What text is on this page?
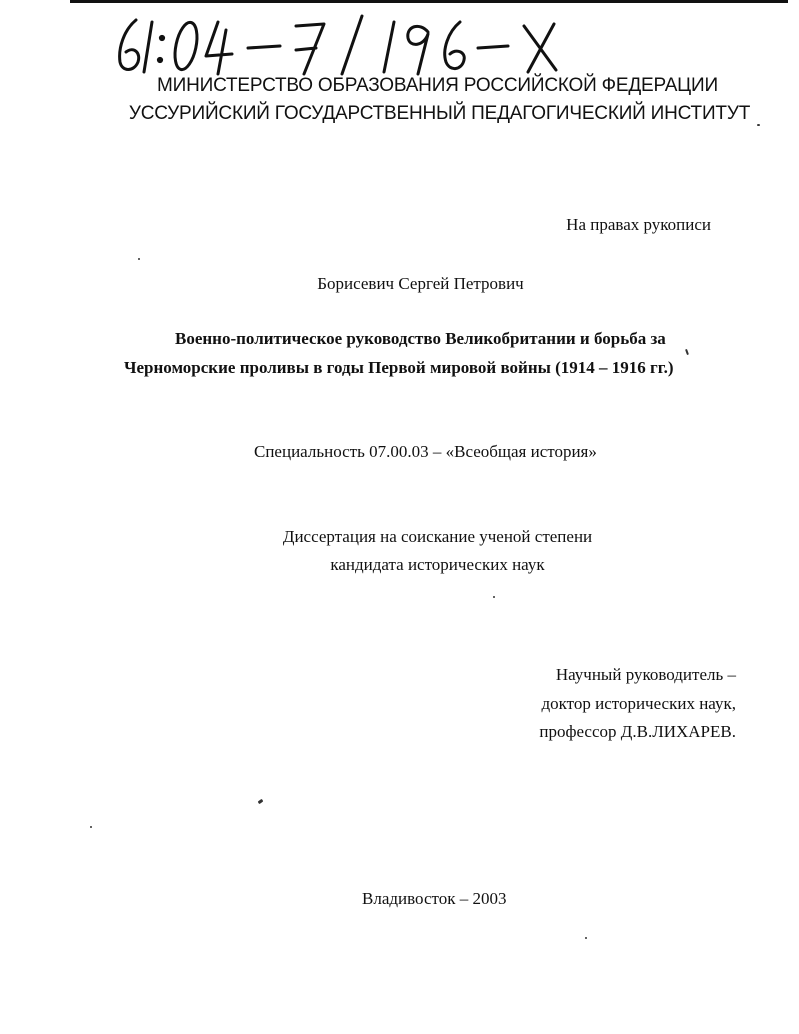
МИНИСТЕРСТВО ОБРАЗОВАНИЯ РОССИЙСКОЙ ФЕДЕРАЦИИ
УССУРИЙСКИЙ ГОСУДАРСТВЕННЫЙ ПЕДАГОГИЧЕСКИЙ ИНСТИТУТ
На правах рукописи
Борисевич Сергей Петрович
Военно-политическое руководство Великобритании и борьба за
Черноморские проливы в годы Первой мировой войны (1914 – 1916 гг.)
Специальность 07.00.03 – «Всеобщая история»
Диссертация на соискание ученой степени
кандидата исторических наук
Научный руководитель –
доктор исторических наук,
профессор Д.В.ЛИХАРЕВ.
Владивосток – 2003
